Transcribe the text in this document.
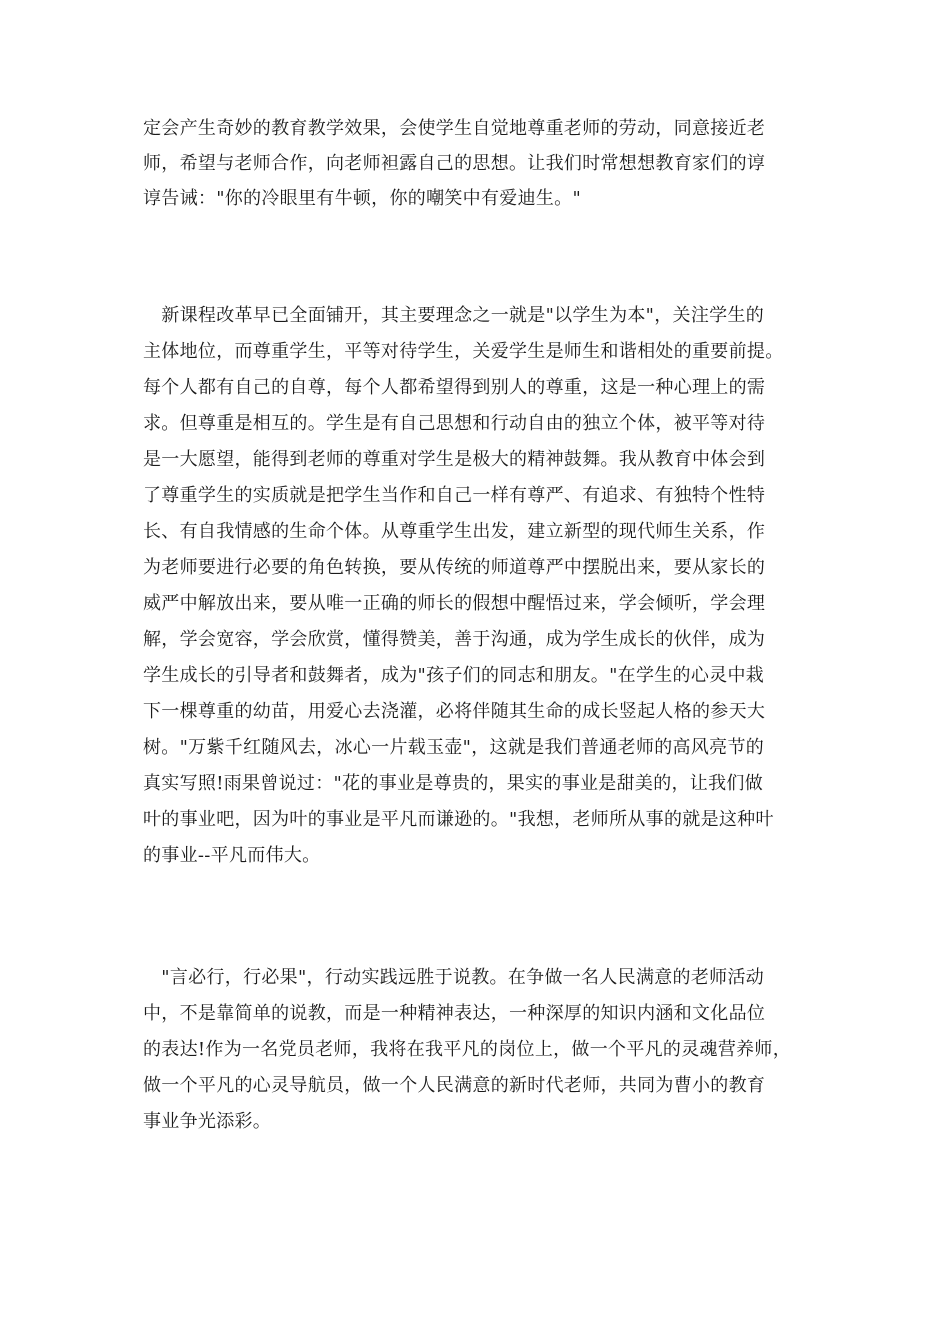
定会产生奇妙的教育教学效果，会使学生自觉地尊重老师的劳动，同意接近老
师，希望与老师合作，向老师袒露自己的思想。让我们时常想想教育家们的谆
谆告诫："你的冷眼里有牛顿，你的嘲笑中有爱迪生。"
　新课程改革早已全面铺开，其主要理念之一就是"以学生为本"，关注学生的
主体地位，而尊重学生，平等对待学生，关爱学生是师生和谐相处的重要前提。
每个人都有自己的自尊，每个人都希望得到别人的尊重，这是一种心理上的需
求。但尊重是相互的。学生是有自己思想和行动自由的独立个体，被平等对待
是一大愿望，能得到老师的尊重对学生是极大的精神鼓舞。我从教育中体会到
了尊重学生的实质就是把学生当作和自己一样有尊严、有追求、有独特个性特
长、有自我情感的生命个体。从尊重学生出发，建立新型的现代师生关系，作
为老师要进行必要的角色转换，要从传统的师道尊严中摆脱出来，要从家长的
威严中解放出来，要从唯一正确的师长的假想中醒悟过来，学会倾听，学会理
解，学会宽容，学会欣赏，懂得赞美，善于沟通，成为学生成长的伙伴，成为
学生成长的引导者和鼓舞者，成为"孩子们的同志和朋友。"在学生的心灵中栽
下一棵尊重的幼苗，用爱心去浇灌，必将伴随其生命的成长竖起人格的参天大
树。"万紫千红随风去，冰心一片载玉壶"，这就是我们普通老师的高风亮节的
真实写照!雨果曾说过："花的事业是尊贵的，果实的事业是甜美的，让我们做
叶的事业吧，因为叶的事业是平凡而谦逊的。"我想，老师所从事的就是这种叶
的事业--平凡而伟大。
　"言必行，行必果"，行动实践远胜于说教。在争做一名人民满意的老师活动
中，不是靠简单的说教，而是一种精神表达，一种深厚的知识内涵和文化品位
的表达!作为一名党员老师，我将在我平凡的岗位上，做一个平凡的灵魂营养师，
做一个平凡的心灵导航员，做一个人民满意的新时代老师，共同为曹小的教育
事业争光添彩。
